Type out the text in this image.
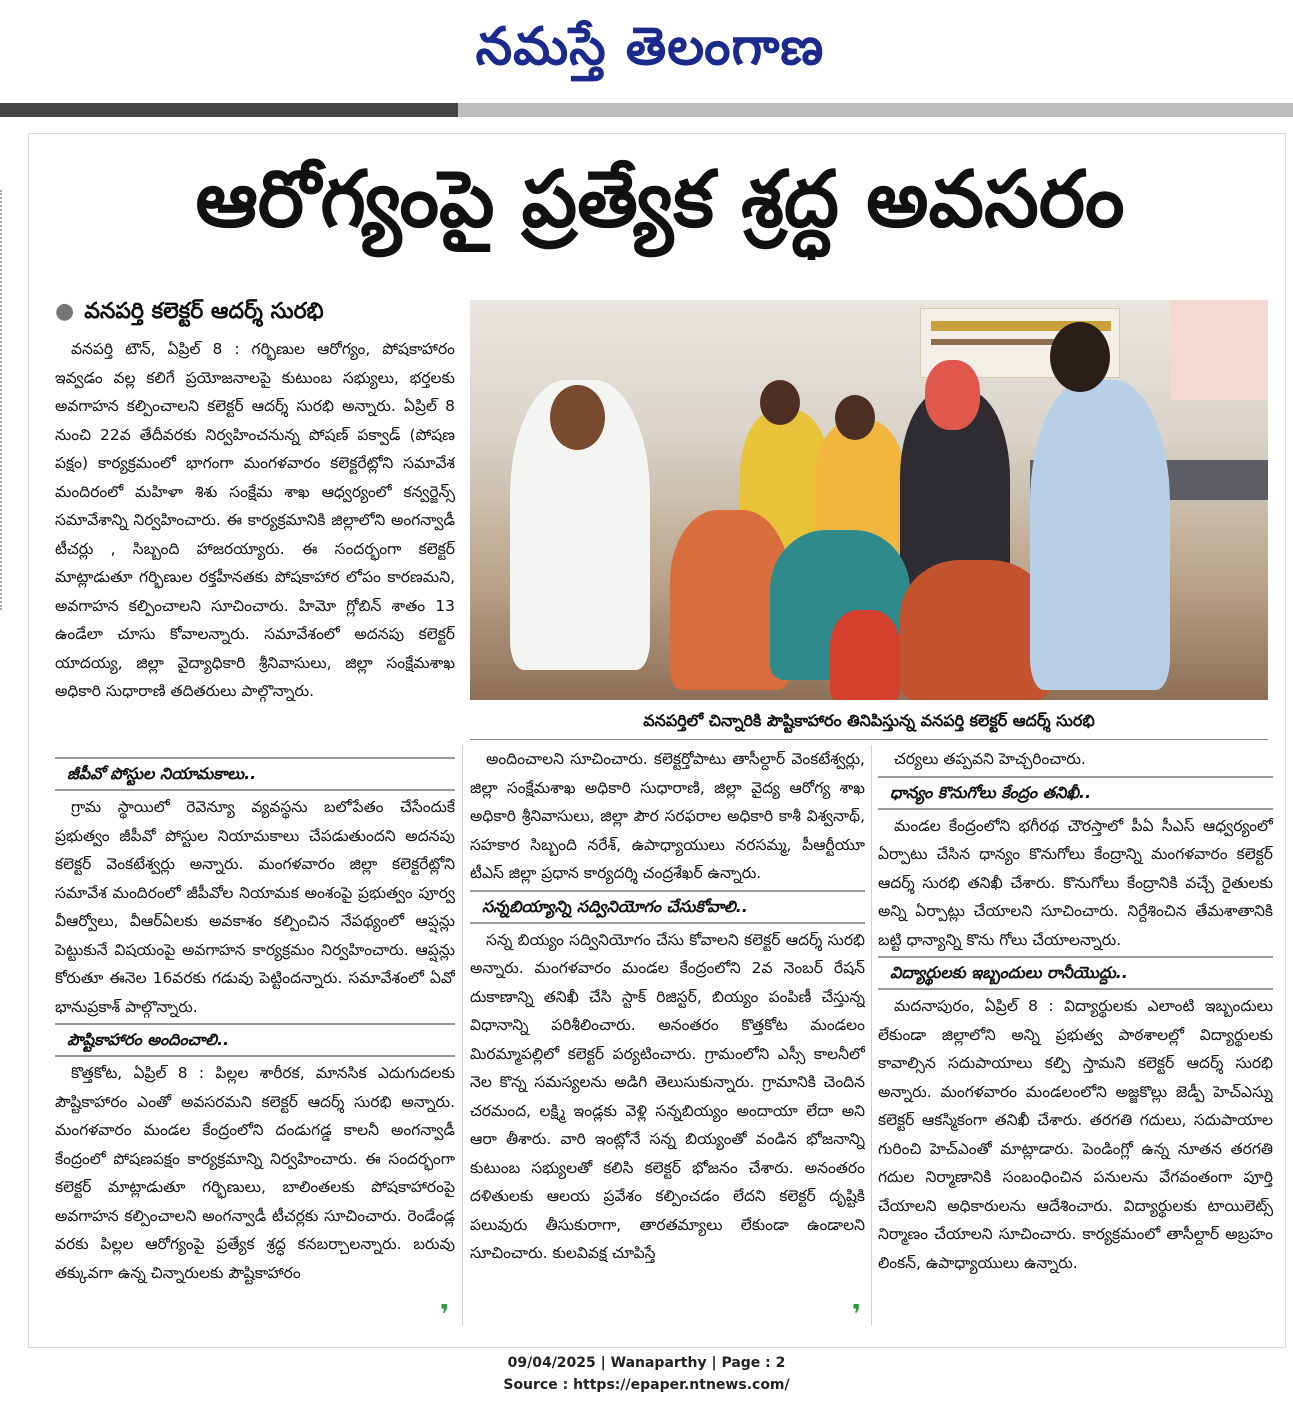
నమస్తే తెలంగాణ
ఆరోగ్యంపై ప్రత్యేక శ్రద్ధ అవసరం
● వనపర్తి కలెక్టర్ ఆదర్శ్ సురభి
వనపర్తిలో చిన్నారికి పౌష్టికాహారం తినిపిస్తున్న వనపర్తి కలెక్టర్ ఆదర్శ్ సురభి

వనపర్తి టౌన్, ఏప్రిల్ 8 : గర్భిణుల ఆరోగ్యం, పోషకాహారం ఇవ్వడం వల్ల కలిగే ప్రయోజనాలపై కుటుంబ సభ్యులు, భర్తలకు అవగాహన కల్పించాలని కలెక్టర్ ఆదర్శ్ సురభి అన్నారు. ఏప్రిల్ 8 నుంచి 22వ తేదీవరకు నిర్వహించనున్న పోషణ్ పక్వాడ్ (పోషణ పక్షం) కార్యక్రమంలో భాగంగా మంగళవారం కలెక్టరేట్లోని సమావేశ మందిరంలో మహిళా శిశు సంక్షేమ శాఖ ఆధ్వర్యంలో కన్వర్జెన్స్ సమావేశాన్ని నిర్వహించారు. ఈ కార్యక్రమానికి జిల్లాలోని అంగన్వాడీ టీచర్లు , సిబ్బంది హాజరయ్యారు. ఈ సందర్భంగా కలెక్టర్ మాట్లాడుతూ గర్భిణుల రక్తహీనతకు పోషకాహార లోపం కారణమని, అవగాహన కల్పించాలని సూచించారు. హిమో గ్లోబిన్ శాతం 13 ఉండేలా చూసు కోవాలన్నారు. సమావేశంలో అదనపు కలెక్టర్ యాదయ్య, జిల్లా వైద్యాధికారి శ్రీనివాసులు, జిల్లా సంక్షేమశాఖ అధికారి సుధారాణి తదితరులు పాల్గొన్నారు.

జీపీవో పోస్టుల నియామకాలు..

గ్రామ స్థాయిలో రెవెన్యూ వ్యవస్థను బలోపేతం చేసేందుకే ప్రభుత్వం జీపీవో పోస్టుల నియామకాలు చేపడుతుందని అదనపు కలెక్టర్ వెంకటేశ్వర్లు అన్నారు. మంగళవారం జిల్లా కలెక్టరేట్లోని సమావేశ మందిరంలో జీపీవోల నియామక అంశంపై ప్రభుత్వం పూర్వ వీఆర్వోలు, వీఆర్ఏలకు అవకాశం కల్పించిన నేపథ్యంలో ఆప్షన్లు పెట్టుకునే విషయంపై అవగాహన కార్యక్రమం నిర్వహించారు. ఆప్షన్లు కోరుతూ ఈనెల 16వరకు గడువు పెట్టిందన్నారు. సమావేశంలో ఏవో భానుప్రకాశ్ పాల్గొన్నారు.

పౌష్టికాహారం అందించాలి..

కొత్తకోట, ఏప్రిల్ 8 : పిల్లల శారీరక, మానసిక ఎదుగుదలకు పౌష్టికాహారం ఎంతో అవసరమని కలెక్టర్ ఆదర్శ్ సురభి అన్నారు. మంగళవారం మండల కేంద్రంలోని దండుగడ్డ కాలనీ అంగన్వాడీ కేంద్రంలో పోషణపక్షం కార్యక్రమాన్ని నిర్వహించారు. ఈ సందర్భంగా కలెక్టర్ మాట్లాడుతూ గర్భిణులు, బాలింతలకు పోషకాహారంపై అవగాహన కల్పించాలని అంగన్వాడీ టీచర్లకు సూచించారు. రెండేండ్ల వరకు పిల్లల ఆరోగ్యంపై ప్రత్యేక శ్రద్ధ కనబర్చాలన్నారు. బరువు తక్కువగా ఉన్న చిన్నారులకు పౌష్టికాహారం

అందించాలని సూచించారు. కలెక్టర్తోపాటు తాసీల్దార్ వెంకటేశ్వర్లు, జిల్లా సంక్షేమశాఖ అధికారి సుధారాణి, జిల్లా వైద్య ఆరోగ్య శాఖ అధికారి శ్రీనివాసులు, జిల్లా పౌర సరఫరాల అధికారి కాశీ విశ్వనాథ్, సహకార సిబ్బంది నరేశ్, ఉపాధ్యాయులు నరసమ్మ, పీఆర్టీయూ టీఎస్ జిల్లా ప్రధాన కార్యదర్శి చంద్రశేఖర్ ఉన్నారు.

సన్నబియ్యాన్ని సద్వినియోగం చేసుకోవాలి..

సన్న బియ్యం సద్వినియోగం చేసు కోవాలని కలెక్టర్ ఆదర్శ్ సురభి అన్నారు. మంగళవారం మండల కేంద్రంలోని 2వ నెంబర్ రేషన్ దుకాణాన్ని తనిఖీ చేసి స్టాక్ రిజిస్టర్, బియ్యం పంపిణీ చేస్తున్న విధానాన్ని పరిశీలించారు. అనంతరం కొత్తకోట మండలం మిరమ్మాపల్లిలో కలెక్టర్ పర్యటించారు. గ్రామంలోని ఎస్సీ కాలనీలో నెల కొన్న సమస్యలను అడిగి తెలుసుకున్నారు. గ్రామానికి చెందిన చరమంద, లక్ష్మి ఇండ్లకు వెళ్లి సన్నబియ్యం అందాయా లేదా అని ఆరా తీశారు. వారి ఇంట్లోనే సన్న బియ్యంతో వండిన భోజనాన్ని కుటుంబ సభ్యులతో కలిసి కలెక్టర్ భోజనం చేశారు. అనంతరం దళితులకు ఆలయ ప్రవేశం కల్పించడం లేదని కలెక్టర్ దృష్టికి పలువురు తీసుకురాగా, తారతమ్యాలు లేకుండా ఉండాలని సూచించారు. కులవివక్ష చూపిస్తే

చర్యలు తప్పవని హెచ్చరించారు.

ధాన్యం కొనుగోలు కేంద్రం తనిఖీ..

మండల కేంద్రంలోని భగీరథ చౌరస్తాలో పీఏ సీఎస్ ఆధ్వర్యంలో ఏర్పాటు చేసిన ధాన్యం కొనుగోలు కేంద్రాన్ని మంగళవారం కలెక్టర్ ఆదర్శ్ సురభి తనిఖీ చేశారు. కొనుగోలు కేంద్రానికి వచ్చే రైతులకు అన్ని ఏర్పాట్లు చేయాలని సూచించారు. నిర్దేశించిన తేమశాతానికి బట్టి ధాన్యాన్ని కొను గోలు చేయాలన్నారు.

విద్యార్థులకు ఇబ్బందులు రానీయొద్దు..

మదనాపురం, ఏప్రిల్ 8 : విద్యార్థులకు ఎలాంటి ఇబ్బందులు లేకుండా జిల్లాలోని అన్ని ప్రభుత్వ పాఠశాలల్లో విద్యార్థులకు కావాల్సిన సదుపాయాలు కల్పి స్తామని కలెక్టర్ ఆదర్శ్ సురభి అన్నారు. మంగళవారం మండలంలోని అజ్జకొల్లు జెడ్పీ హెచ్ఎస్ను కలెక్టర్ ఆకస్మికంగా తనిఖీ చేశారు. తరగతి గదులు, సదుపాయాల గురించి హెచ్ఎంతో మాట్లాడారు. పెండింగ్లో ఉన్న నూతన తరగతి గదుల నిర్మాణానికి సంబంధించిన పనులను వేగవంతంగా పూర్తి చేయాలని అధికారులను ఆదేశించారు. విద్యార్థులకు టాయిలెట్స్ నిర్మాణం చేయాలని సూచించారు. కార్యక్రమంలో తాసీల్దార్ అబ్రహం లింకన్, ఉపాధ్యాయులు ఉన్నారు.

❜	❜
09/04/2025 | Wanaparthy | Page : 2
Source : https://epaper.ntnews.com/
